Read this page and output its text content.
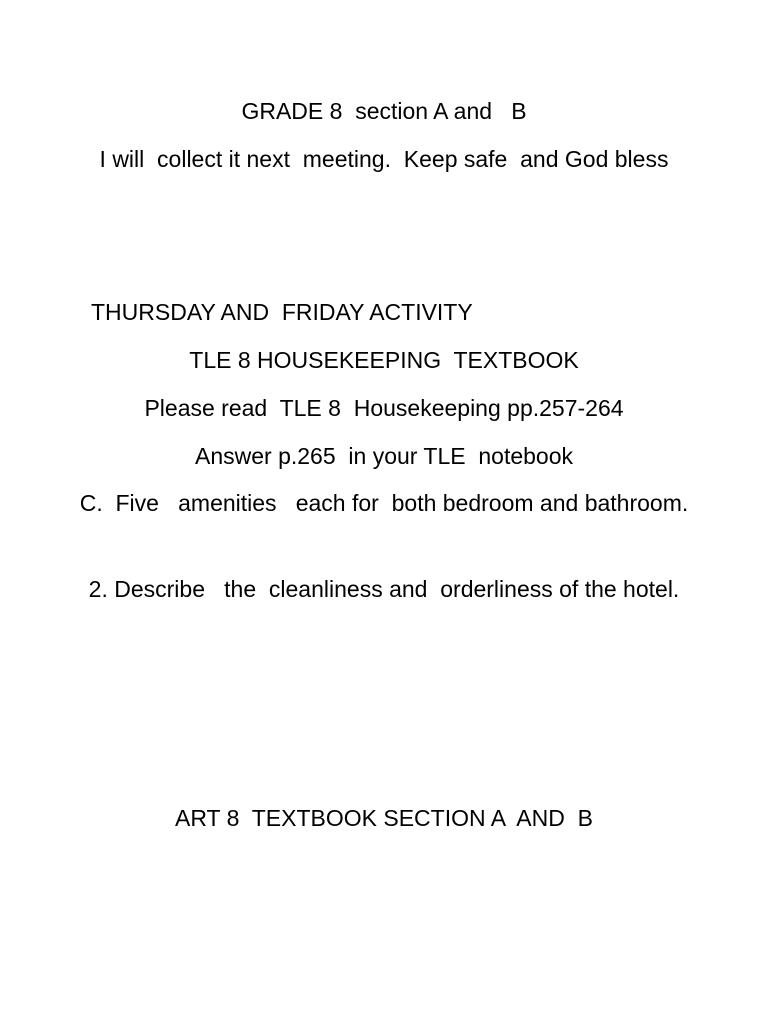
GRADE 8  section A and   B
I will  collect it next  meeting.  Keep safe  and God bless
THURSDAY AND  FRIDAY ACTIVITY
TLE 8 HOUSEKEEPING  TEXTBOOK
Please read  TLE 8  Housekeeping pp.257-264
Answer p.265  in your TLE  notebook
C.  Five   amenities   each for  both bedroom and bathroom.
2. Describe   the  cleanliness and  orderliness of the hotel.
ART 8  TEXTBOOK SECTION A  AND  B
